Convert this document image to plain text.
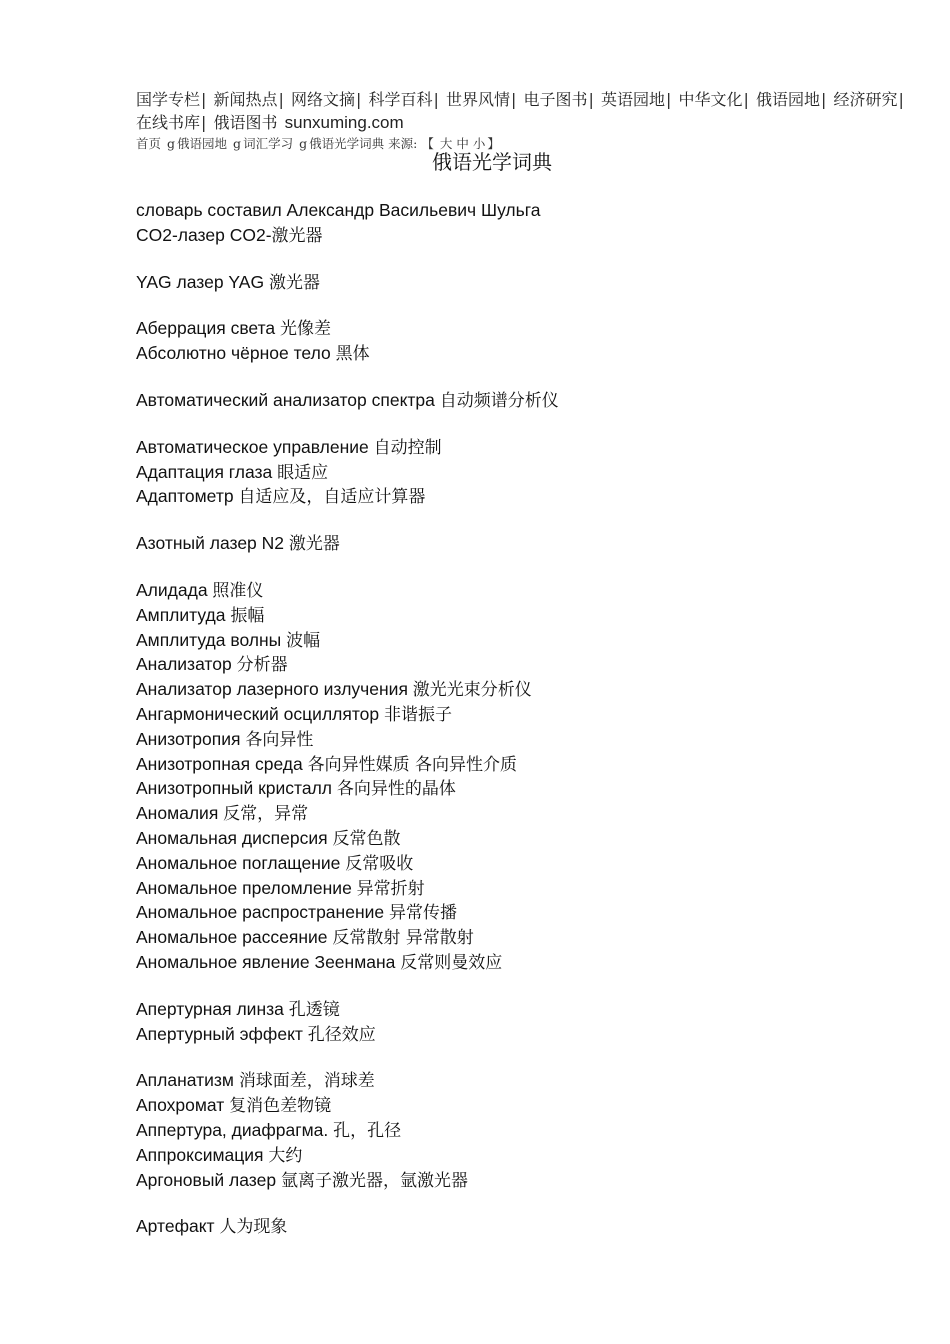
国学专栏| 新闻热点| 网络文摘| 科学百科| 世界风情| 电子图书| 英语园地| 中华文化| 俄语园地| 经济研究| 在线书库| 俄语图书 sunxuming.com
首页 g 俄语园地 g 词汇学习 g 俄语光学词典 来源: 【 大 中 小 】
俄语光学词典
словарь составил Александр Васильевич Шульга
CO2-лазер CO2-激光器
YAG лазер YAG 激光器
Аберрация света 光像差
Абсолютно чёрное тело 黑体
Автоматический анализатор спектра 自动频谱分析仪
Автоматическое управление 自动控制
Адаптация глаза 眼适应
Адаптометр 自适应及，自适应计算器
Азотный лазер N2 激光器
Алидада 照准仪
Амплитуда 振幅
Амплитуда волны 波幅
Анализатор 分析器
Анализатор лазерного излучения 激光光束分析仪
Ангармонический осциллятор 非谐振子
Анизотропия 各向异性
Анизотропная среда 各向异性媒质 各向异性介质
Анизотропный кристалл 各向异性的晶体
Аномалия 反常，异常
Аномальная дисперсия 反常色散
Аномальное поглащение 反常吸收
Аномальное преломление 异常折射
Аномальное распространение 异常传播
Аномальное рассеяние 反常散射 异常散射
Аномальное явление Зеенмана 反常则曼效应
Апертурная линза 孔透镜
Апертурный эффект 孔径效应
Апланатизм 消球面差，消球差
Апохромат 复消色差物镜
Аппертура, диафрагма. 孔，孔径
Аппроксимация 大约
Аргоновый лазер 氩离子激光器，氩激光器
Артефакт 人为现象
